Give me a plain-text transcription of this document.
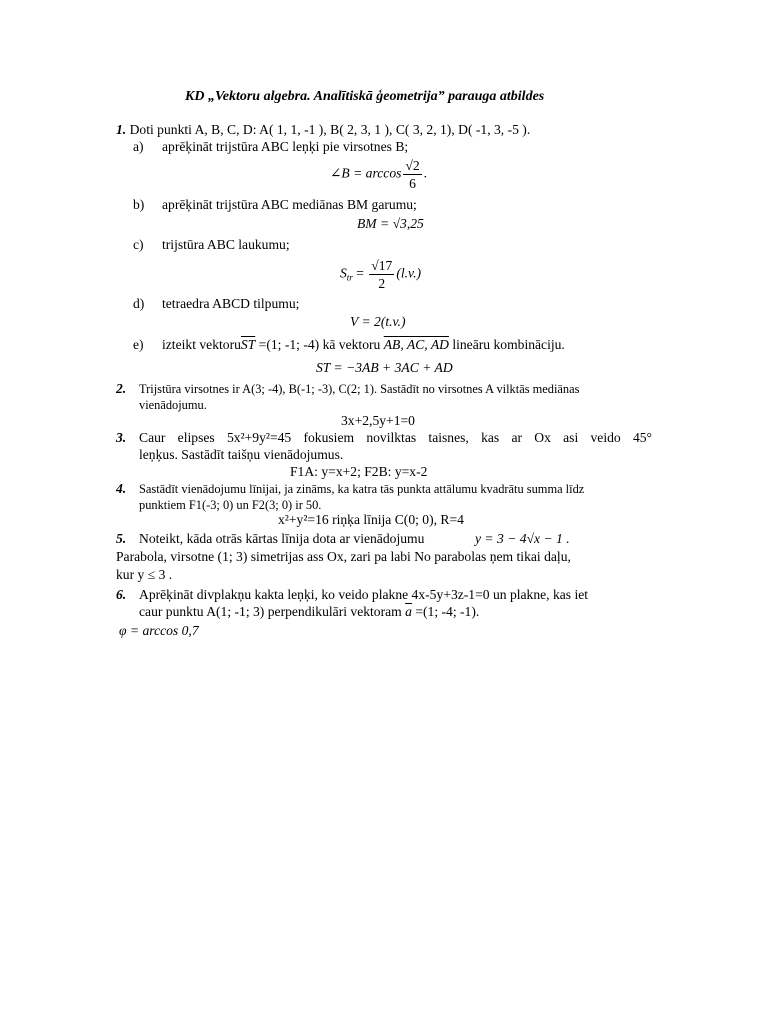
KD „Vektoru algebra. Analītiskā ģeometrija” parauga atbildes
1. Doti punkti A, B, C, D: A( 1, 1, -1 ), B( 2, 3, 1 ), C( 3, 2, 1), D( -1, 3, -5 ).
a) aprēķināt trijstūra ABC leņķi pie virsotnes B;
∠B = $\arccos \frac{√2}{6}$ .
b) aprēķināt trijstūra ABC mediānas BM garumu;
BM = √3,25
c) trijstūra ABC laukumu;
$S_{tr} = \frac{√17}{2} (l.v.)$
d) tetraedra ABCD tilpumu;
V = 2(t.v.)
e) izteikt $vektoru\overline{ST} =(1$; -1; -4) kā vektoru AB, AC, AD lineāru kombināciju.
ST = −3AB + 3AC + AD
2. Trijstūra virsotnes ir A(3; -4), B(-1; -3), C(2; 1). Sastādīt no virsotnes A vilktās mediānas
vienādojumu.
3x+2,5y+1=0
3. Caur elipses 5x²+9y²=45 fokusiem novilktas taisnes, kas ar Ox asi veido 45°
leņķus. Sastādīt taišņu vienādojumus.
F1A: y=x+2; F2B: y=x-2
4. Sastādīt vienādojumu līnijai, ja zināms, ka katra tās punkta attālumu kvadrātu summa līdz
punktiem F1(-3; 0) un F2(3; 0) ir 50.
x²+y²=16 riņķa līnija C(0; 0), R=4
5. Noteikt, kāda otrās kārtas līnija dota ar vienādojumu	y = 3 − 4√x − 1 .
Parabola, virsotne (1; 3) simetrijas ass Ox, zari pa labi No parabolas ņem tikai daļu,
kur y ≤ 3 .
6. Aprēķināt divplakņu kakta leņķi, ko veido plakne 4x-5y+3z-1=0 un plakne, kas iet
caur punktu A(1; -1; 3) perpendikulāri vektoram $\overline{a} =(1$; -4; -1).
φ = arccos 0,7
